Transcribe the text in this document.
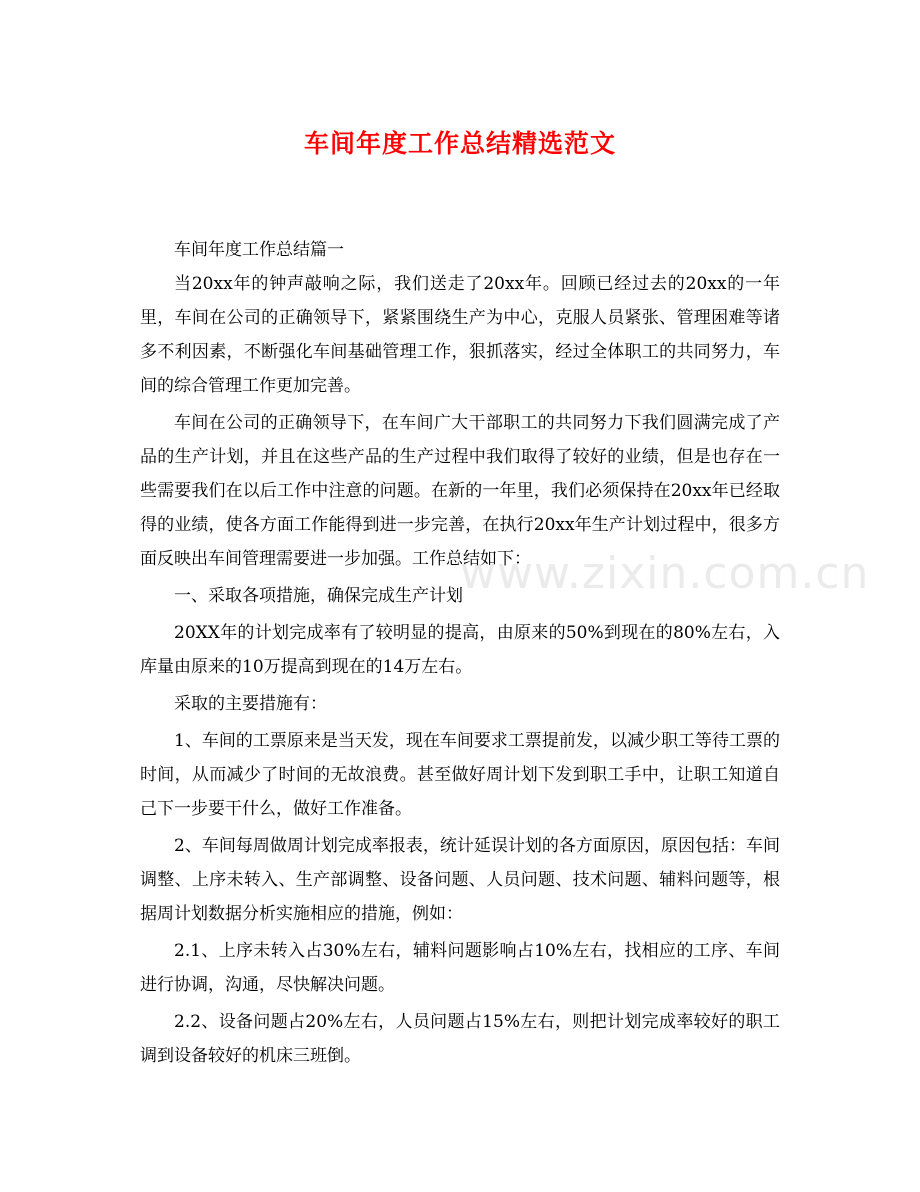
车间年度工作总结精选范文
www.zixin.com.cn

车间年度工作总结篇一

当20xx年的钟声敲响之际，我们送走了20xx年。回顾已经过去的20xx的一年里，车间在公司的正确领导下，紧紧围绕生产为中心，克服人员紧张、管理困难等诸多不利因素，不断强化车间基础管理工作，狠抓落实，经过全体职工的共同努力，车间的综合管理工作更加完善。

车间在公司的正确领导下，在车间广大干部职工的共同努力下我们圆满完成了产品的生产计划，并且在这些产品的生产过程中我们取得了较好的业绩，但是也存在一些需要我们在以后工作中注意的问题。在新的一年里，我们必须保持在20xx年已经取得的业绩，使各方面工作能得到进一步完善，在执行20xx年生产计划过程中，很多方面反映出车间管理需要进一步加强。工作总结如下：

一、采取各项措施，确保完成生产计划

20XX年的计划完成率有了较明显的提高，由原来的50%到现在的80%左右，入库量由原来的10万提高到现在的14万左右。

采取的主要措施有：

1、车间的工票原来是当天发，现在车间要求工票提前发，以减少职工等待工票的时间，从而减少了时间的无故浪费。甚至做好周计划下发到职工手中，让职工知道自己下一步要干什么，做好工作准备。

2、车间每周做周计划完成率报表，统计延误计划的各方面原因，原因包括：车间调整、上序未转入、生产部调整、设备问题、人员问题、技术问题、辅料问题等，根据周计划数据分析实施相应的措施，例如：

2.1、上序未转入占30%左右，辅料问题影响占10%左右，找相应的工序、车间进行协调，沟通，尽快解决问题。

2.2、设备问题占20%左右，人员问题占15%左右，则把计划完成率较好的职工调到设备较好的机床三班倒。
